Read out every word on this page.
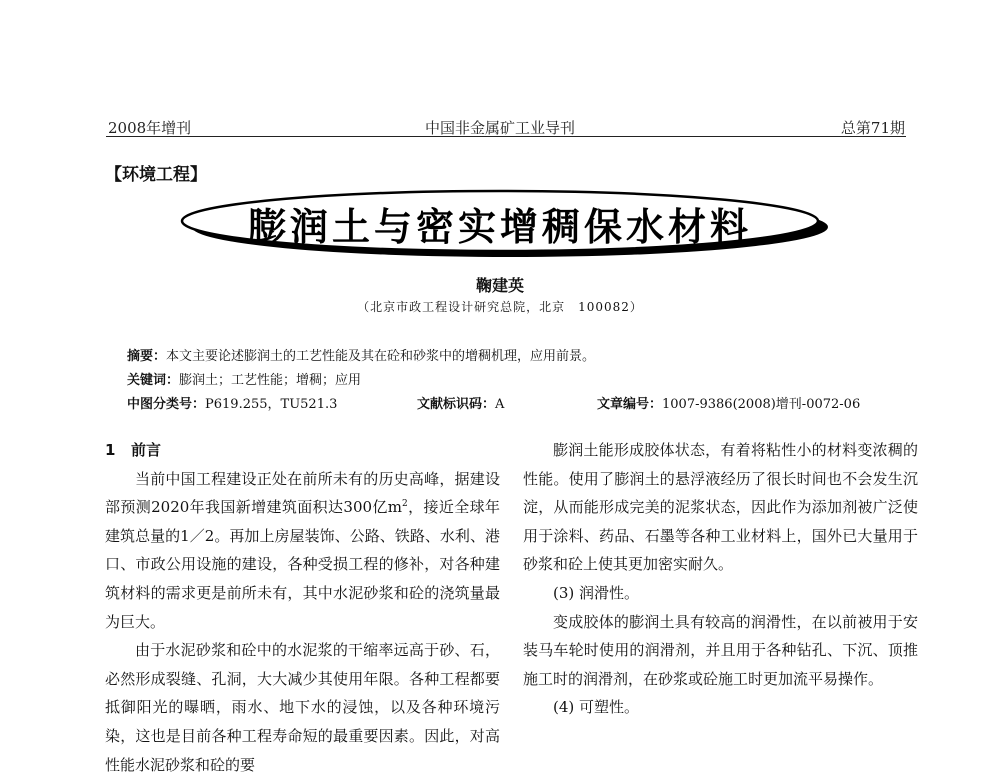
2008年增刊	中国非金属矿工业导刊	总第71期
【环境工程】
膨润土与密实增稠保水材料
鞠建英
（北京市政工程设计研究总院，北京　100082）
摘要：本文主要论述膨润土的工艺性能及其在砼和砂浆中的增稠机理，应用前景。
关键词：膨润土；工艺性能；增稠；应用
中图分类号：P619.255，TU521.3	文献标识码：A	文章编号：1007-9386(2008)增刊-0072-06

1 前言

当前中国工程建设正处在前所未有的历史高峰，据建设部预测2020年我国新增建筑面积达300亿$m^2$，接近全球年建筑总量的1／2。再加上房屋装饰、公路、铁路、水利、港口、市政公用设施的建设，各种受损工程的修补，对各种建筑材料的需求更是前所未有，其中水泥砂浆和砼的浇筑量最为巨大。

由于水泥砂浆和砼中的水泥浆的干缩率远高于砂、石，必然形成裂缝、孔洞，大大减少其使用年限。各种工程都要抵御阳光的曝晒，雨水、地下水的浸蚀，以及各种环境污染，这也是目前各种工程寿命短的最重要因素。因此，对高性能水泥砂浆和砼的要

膨润土能形成胶体状态，有着将粘性小的材料变浓稠的性能。使用了膨润土的悬浮液经历了很长时间也不会发生沉淀，从而能形成完美的泥浆状态，因此作为添加剂被广泛使用于涂料、药品、石墨等各种工业材料上，国外已大量用于砂浆和砼上使其更加密实耐久。

(3) 润滑性。

变成胶体的膨润土具有较高的润滑性，在以前被用于安装马车轮时使用的润滑剂，并且用于各种钻孔、下沉、顶推施工时的润滑剂，在砂浆或砼施工时更加流平易操作。

(4) 可塑性。
